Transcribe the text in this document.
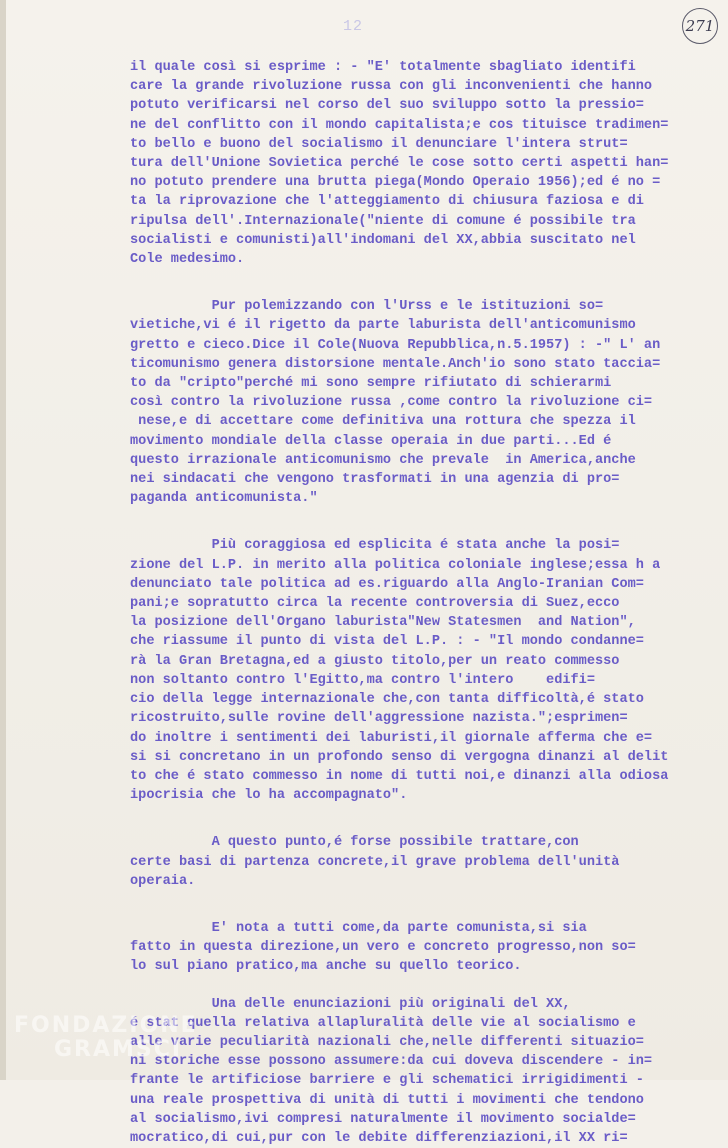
12	271
il quale così si esprime : - "E' totalmente sbagliato identifi
care la grande rivoluzione russa con gli inconvenienti che hanno
potuto verificarsi nel corso del suo sviluppo sotto la pressio=
ne del conflitto con il mondo capitalista;e cos tituisce tradimen=
to bello e buono del socialismo il denunciare l'intera strut=
tura dell'Unione Sovietica perché le cose sotto certi aspetti han=
no potuto prendere una brutta piega(Mondo Operaio 1956);ed é no =
ta la riprovazione che l'atteggiamento di chiusura faziosa e di
ripulsa dell'.Internazionale("niente di comune é possibile tra
socialisti e comunisti)all'indomani del XX,abbia suscitato nel
Cole medesimo.
Pur polemizzando con l'Urss e le istituzioni so=
vietiche,vi é il rigetto da parte laburista dell'anticomunismo
gretto e cieco.Dice il Cole(Nuova Repubblica,n.5.1957) : -" L' an
ticomunismo genera distorsione mentale.Anch'io sono stato taccia=
to da "cripto"perché mi sono sempre rifiutato di schierarmi
così contro la rivoluzione russa ,come contro la rivoluzione ci=
nese,e di accettare come definitiva una rottura che spezza il
movimento mondiale della classe operaia in due parti...Ed é
questo irrazionale anticomunismo che prevale  in America,anche
nei sindacati che vengono trasformati in una agenzia di pro=
paganda anticomunista."
Più coraggiosa ed esplicita é stata anche la posi=
zione del L.P. in merito alla politica coloniale inglese;essa h a
denunciato tale politica ad es.riguardo alla Anglo-Iranian Com=
pani;e sopratutto circa la recente controversia di Suez,ecco
la posizione dell'Organo laburista"New Statesmen  and Nation",
che riassume il punto di vista del L.P. : - "Il mondo condanne=
rà la Gran Bretagna,ed a giusto titolo,per un reato commesso
non soltanto contro l'Egitto,ma contro l'intero    edifi=
cio della legge internazionale che,con tanta difficoltà,é stato
ricostruito,sulle rovine dell'aggressione nazista.";esprimen=
do inoltre i sentimenti dei laburisti,il giornale afferma che e=
si si concretano in un profondo senso di vergogna dinanzi al delit
to che é stato commesso in nome di tutti noi,e dinanzi alla odiosa
ipocrisia che lo ha accompagnato".
A questo punto,é forse possibile trattare,con
certe basi di partenza concrete,il grave problema dell'unità
operaia.
E' nota a tutti come,da parte comunista,si sia
fatto in questa direzione,un vero e concreto progresso,non so=
lo sul piano pratico,ma anche su quello teorico.
Una delle enunciazioni più originali del XX,
é stat quella relativa allapluralità delle vie al socialismo e
alle varie peculiarità nazionali che,nelle differenti situazio=
ni storiche esse possono assumere:da cui doveva discendere - in=
frante le artificiose barriere e gli schematici irrigidimenti -
una reale prospettiva di unità di tutti i movimenti che tendono
al socialismo,ivi compresi naturalmente il movimento socialde=
mocratico,di cui,pur con le debite differenziazioni,il XX ri=
FONDAZIONE
GRAMSCI
